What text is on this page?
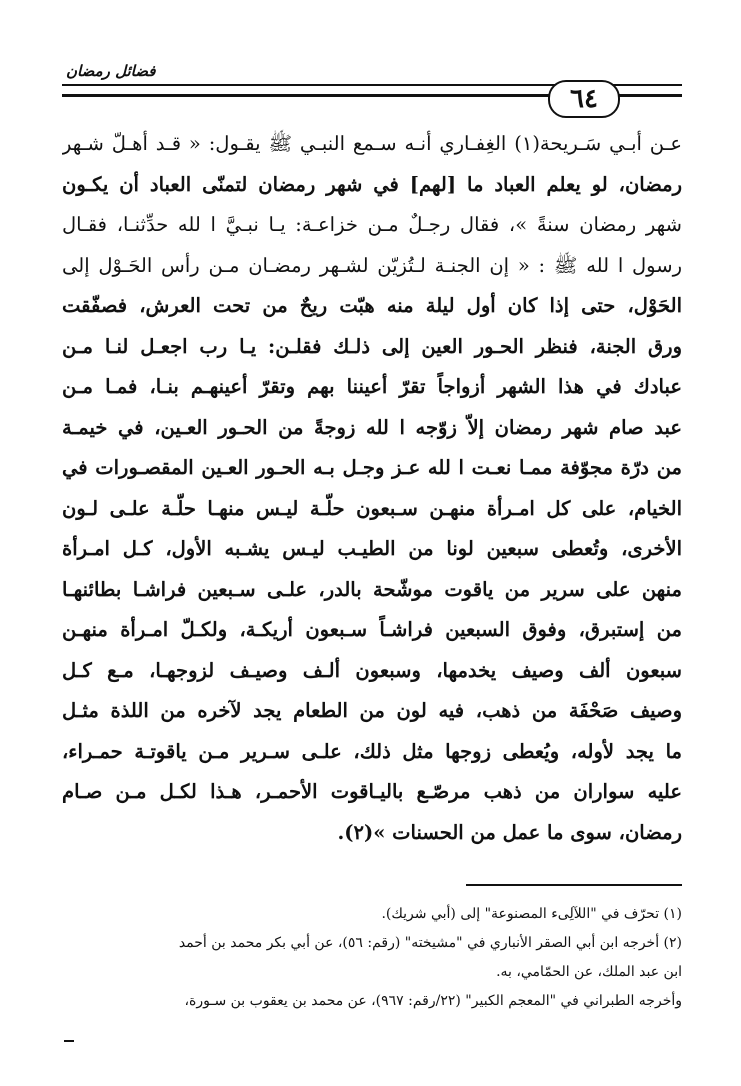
فضائل رمضان
٦٤
عـن أبـي سَـريحة(١) الغِفـاري أنـه سـمع النبـي ﷺ يقـول: « قـد أهـلّ شـهر
رمضان، لو يعلم العباد ما [لهم] في شهر رمضان لتمنّى العباد أن يكـون
شهر رمضان سنةً »، فقال رجـلٌ مـن خزاعـة: يـا نبـيَّ ا لله حدِّثنـا، فقـال
رسول ا لله ﷺ : « إن الجنـة لـتُزيّن لشـهر رمضـان مـن رأس الحَـوْل إلى
الحَوْل، حتى إذا كان أول ليلة منه هبّت ريحٌ من تحت العرش، فصفّقت
ورق الجنة، فنظر الحـور العين إلى ذلـك فقلـن: يـا رب اجعـل لنـا مـن
عبادك في هذا الشهر أزواجاً تقرّ أعيننا بهم وتقرّ أعينهـم بنـا، فمـا مـن
عبد صام شهر رمضان إلاّ زوّجه ا لله زوجةً من الحـور العـين، في خيمـة
من درّة مجوّفة ممـا نعـت ا لله عـز وجـل بـه الحـور العـين المقصـورات في
الخيام، على كل امـرأة منهـن سـبعون حلّـة ليـس منهـا حلّـة علـى لـون
الأخرى، وتُعطى سبعين لونا من الطيـب ليـس يشـبه الأول، كـل امـرأة
منهن على سرير من ياقوت موشّحة بالدر، علـى سـبعين فراشـا بطائنهـا
من إستبرق، وفوق السبعين فراشـاً سـبعون أريكـة، ولكـلّ امـرأة منهـن
سبعون ألف وصيف يخدمها، وسبعون ألـف وصيـف لزوجهـا، مـع كـل
وصيف صَحْفَة من ذهب، فيه لون من الطعام يجد لآخره من اللذة مثـل
ما يجد لأوله، ويُعطى زوجها مثل ذلك، علـى سـرير مـن ياقوتـة حمـراء،
عليه سواران من ذهب مرصّـع باليـاقوت الأحمـر، هـذا لكـل مـن صـام
رمضان، سوى ما عمل من الحسنات »(٢).
(١) تحرّف في "اللآلِىء المصنوعة" إلى (أبي شريك).
(٢) أخرجه ابن أبي الصقر الأنباري في "مشيخته" (رقم: ٥٦)، عن أبي بكر محمد بن أحمد
ابن عبد الملك، عن الحمّامي، به.
وأخرجه الطبراني في "المعجم الكبير" (٢٢/رقم: ٩٦٧)، عن محمد بن يعقوب بن سـورة،
